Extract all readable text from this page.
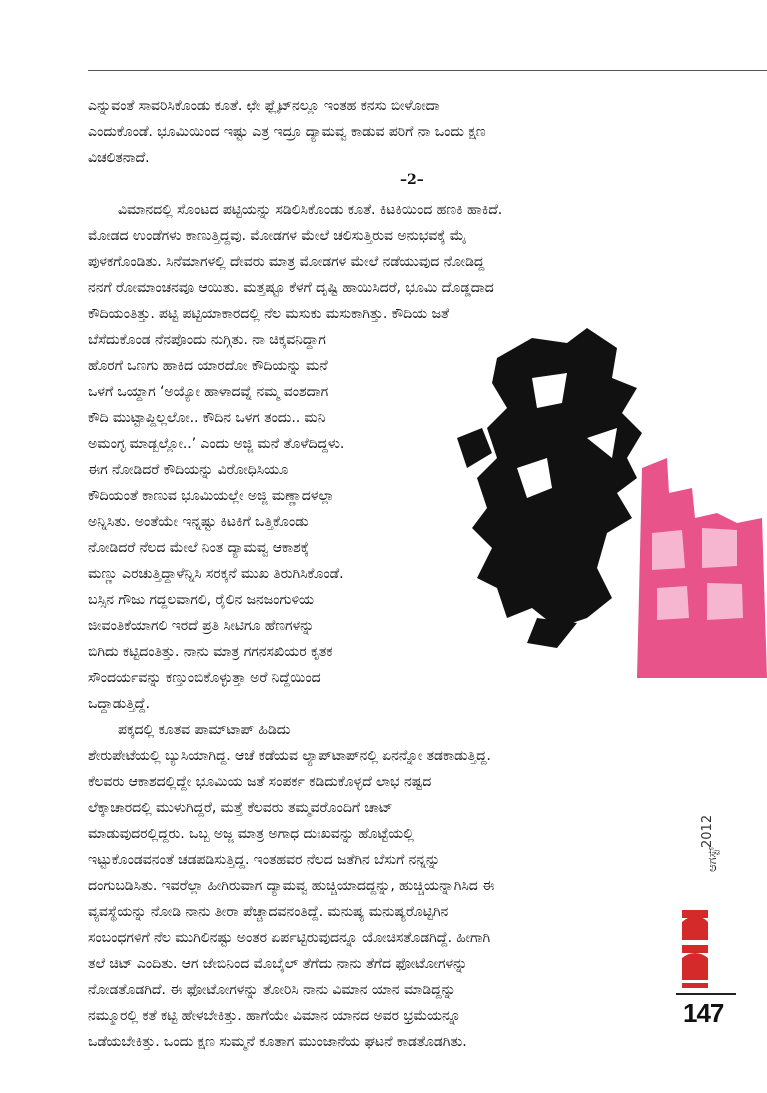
ಎನ್ನುವಂತೆ ಸಾವರಿಸಿಕೊಂಡು ಕೂತೆ. ಛೇ ಫ್ಲೈಟ್‌ನಲ್ಲೂ ಇಂತಹ ಕನಸು ಬೀಳೋದಾ
ಎಂದುಕೊಂಡೆ. ಭೂಮಿಯಿಂದ ಇಷ್ಟು ಎತ್ರ ಇದ್ರೂ ದ್ಯಾಮವ್ವ ಕಾಡುವ ಪರಿಗೆ ನಾ ಒಂದು ಕ್ಷಣ
ವಿಚಲಿತನಾದೆ.
–2–
ವಿಮಾನದಲ್ಲಿ ಸೊಂಟದ ಪಟ್ಟಿಯನ್ನು ಸಡಿಲಿಸಿಕೊಂಡು ಕೂತೆ. ಕಿಟಕಿಯಿಂದ ಹಣಕಿ ಹಾಕಿದೆ.
ಮೋಡದ ಉಂಡೆಗಳು ಕಾಣುತ್ತಿದ್ದವು. ಮೋಡಗಳ ಮೇಲೆ ಚಲಿಸುತ್ತಿರುವ ಅನುಭವಕ್ಕೆ ಮೈ
ಪುಳಕಗೊಂಡಿತು. ಸಿನೆಮಾಗಳಲ್ಲಿ ದೇವರು ಮಾತ್ರ ಮೋಡಗಳ ಮೇಲೆ ನಡೆಯುವುದ ನೋಡಿದ್ದ
ನನಗೆ ರೋಮಾಂಚನವೂ ಆಯಿತು. ಮತ್ತಷ್ಟೂ ಕೆಳಗೆ ದೃಷ್ಟಿ ಹಾಯಿಸಿದರೆ, ಭೂಮಿ ದೊಡ್ಡದಾದ
ಕೌದಿಯಂತಿತ್ತು. ಪಟ್ಟಿ ಪಟ್ಟಿಯಾಕಾರದಲ್ಲಿ ನೆಲ ಮಸುಕು ಮಸುಕಾಗಿತ್ತು. ಕೌದಿಯ ಜತೆ
ಬೆಸೆದುಕೊಂಡ ನೆನಪೊಂದು ನುಗ್ಗಿತು. ನಾ ಚಿಕ್ಕವನಿದ್ದಾಗ
ಹೊರಗೆ ಒಣಗು ಹಾಕಿದ ಯಾರದೋ ಕೌದಿಯನ್ನು ಮನೆ
ಒಳಗೆ ಒಯ್ದಾಗ ‘ಅಯ್ಯೋ ಹಾಳಾದವ್ನೆ ನಮ್ಮ ವಂಶದಾಗ
ಕೌದಿ ಮುಟ್ಟಾಪ್ದಿಲ್ಲಲೋ.. ಕೌದಿನ ಒಳಗ ತಂದು.. ಮನಿ
ಅಮಂಗ್ಳ ಮಾಡ್ಬಲ್ಲೋ..’ ಎಂದು ಅಜ್ಜಿ ಮನೆ ತೊಳೆದಿದ್ದಳು.
ಈಗ ನೋಡಿದರೆ ಕೌದಿಯನ್ನು ವಿರೋಧಿಸಿಯೂ
ಕೌದಿಯಂತೆ ಕಾಣುವ ಭೂಮಿಯಲ್ಲೇ ಅಜ್ಜಿ ಮಣ್ಣಾದಳಲ್ಲಾ
ಅನ್ನಿಸಿತು. ಅಂತೆಯೇ ಇನ್ನಷ್ಟು ಕಿಟಕಿಗೆ ಒತ್ತಿಕೊಂಡು
ನೋಡಿದರೆ ನೆಲದ ಮೇಲೆ ನಿಂತ ದ್ಯಾಮವ್ವ ಆಕಾಶಕ್ಕೆ
ಮಣ್ಣು ಎರಚುತ್ತಿದ್ದಾಳೆನ್ನಿಸಿ ಸರಕ್ಕನೆ ಮುಖ ತಿರುಗಿಸಿಕೊಂಡೆ.
ಬಸ್ಸಿನ ಗೌಜು ಗದ್ದಲವಾಗಲಿ, ರೈಲಿನ ಜನಜಂಗುಳಿಯ
ಜೀವಂತಿಕೆಯಾಗಲಿ ಇರದೆ ಪ್ರತಿ ಸೀಟಿಗೂ ಹೆಣಗಳನ್ನು
ಬಿಗಿದು ಕಟ್ಟಿದಂತಿತ್ತು. ನಾನು ಮಾತ್ರ ಗಗನಸಖಿಯರ ಕೃತಕ
ಸೌಂದರ್ಯವನ್ನು ಕಣ್ತುಂಬಿಕೊಳ್ಳುತ್ತಾ ಅರೆ ನಿದ್ದೆಯಿಂದ
ಒದ್ದಾಡುತ್ತಿದ್ದೆ.
ಪಕ್ಕದಲ್ಲಿ ಕೂತವ ಪಾಮ್‌ಟಾಪ್ ಹಿಡಿದು
ಶೇರುಪೇಟೆಯಲ್ಲಿ ಬ್ಯುಸಿಯಾಗಿದ್ದ. ಆಚೆ ಕಡೆಯವ ಲ್ಯಾಪ್‌ಟಾಪ್‌ನಲ್ಲಿ ಏನನ್ನೋ ತಡಕಾಡುತ್ತಿದ್ದ.
ಕೆಲವರು ಆಕಾಶದಲ್ಲಿದ್ದೇ ಭೂಮಿಯ ಜತೆ ಸಂಪರ್ಕ ಕಡಿದುಕೊಳ್ಳದೆ ಲಾಭ ನಷ್ಟದ
ಲೆಕ್ಕಾಚಾರದಲ್ಲಿ ಮುಳುಗಿದ್ದರೆ, ಮತ್ತೆ ಕೆಲವರು ತಮ್ಮವರೊಂದಿಗೆ ಚಾಟ್
ಮಾಡುವುದರಲ್ಲಿದ್ದರು. ಒಬ್ಬ ಅಜ್ಜ ಮಾತ್ರ ಅಗಾಧ ದುಃಖವನ್ನು ಹೊಟ್ಟೆಯಲ್ಲಿ
ಇಟ್ಟುಕೊಂಡವನಂತೆ ಚಡಪಡಿಸುತ್ತಿದ್ದ. ಇಂತಹವರ ನೆಲದ ಜತೆಗಿನ ಬೆಸುಗೆ ನನ್ನನ್ನು
ದಂಗುಬಡಿಸಿತು. ಇವರೆಲ್ಲಾ ಹೀಗಿರುವಾಗ ದ್ಯಾಮವ್ವ ಹುಚ್ಚಿಯಾದದ್ದನ್ನು, ಹುಚ್ಚಿಯನ್ನಾಗಿಸಿದ ಈ
ವ್ಯವಸ್ಥೆಯನ್ನು ನೋಡಿ ನಾನು ತೀರಾ ಪೆಚ್ಚಾದವನಂತಿದ್ದೆ. ಮನುಷ್ಯ ಮನುಷ್ಯರೊಟ್ಟಿಗಿನ
ಸಂಬಂಧಗಳಿಗೆ ನೆಲ ಮುಗಿಲಿನಷ್ಟು ಅಂತರ ಏರ್ಪಟ್ಟಿರುವುದನ್ನೂ ಯೋಚಿಸತೊಡಗಿದ್ದೆ. ಹೀಗಾಗಿ
ತಲೆ ಚಿಟ್ ಎಂದಿತು. ಆಗ ಜೇಬಿನಿಂದ ಮೊಬೈಲ್ ತೆಗೆದು ನಾನು ತೆಗೆದ ಫೋಟೋಗಳನ್ನು
ನೋಡತೊಡಗಿದೆ. ಈ ಫೋಟೋಗಳನ್ನು ತೋರಿಸಿ ನಾನು ವಿಮಾನ ಯಾನ ಮಾಡಿದ್ದನ್ನು
ನಮ್ಮೂರಲ್ಲಿ ಕತೆ ಕಟ್ಟಿ ಹೇಳಬೇಕಿತ್ತು. ಹಾಗೆಯೇ ವಿಮಾನ ಯಾನದ ಅವರ ಭ್ರಮೆಯನ್ನೂ
ಒಡೆಯಬೇಕಿತ್ತು. ಒಂದು ಕ್ಷಣ ಸುಮ್ಮನೆ ಕೂತಾಗ ಮುಂಜಾನೆಯ ಘಟನೆ ಕಾಡತೊಡಗಿತು.
2012
ಆಗಸ್ಟ್
147
